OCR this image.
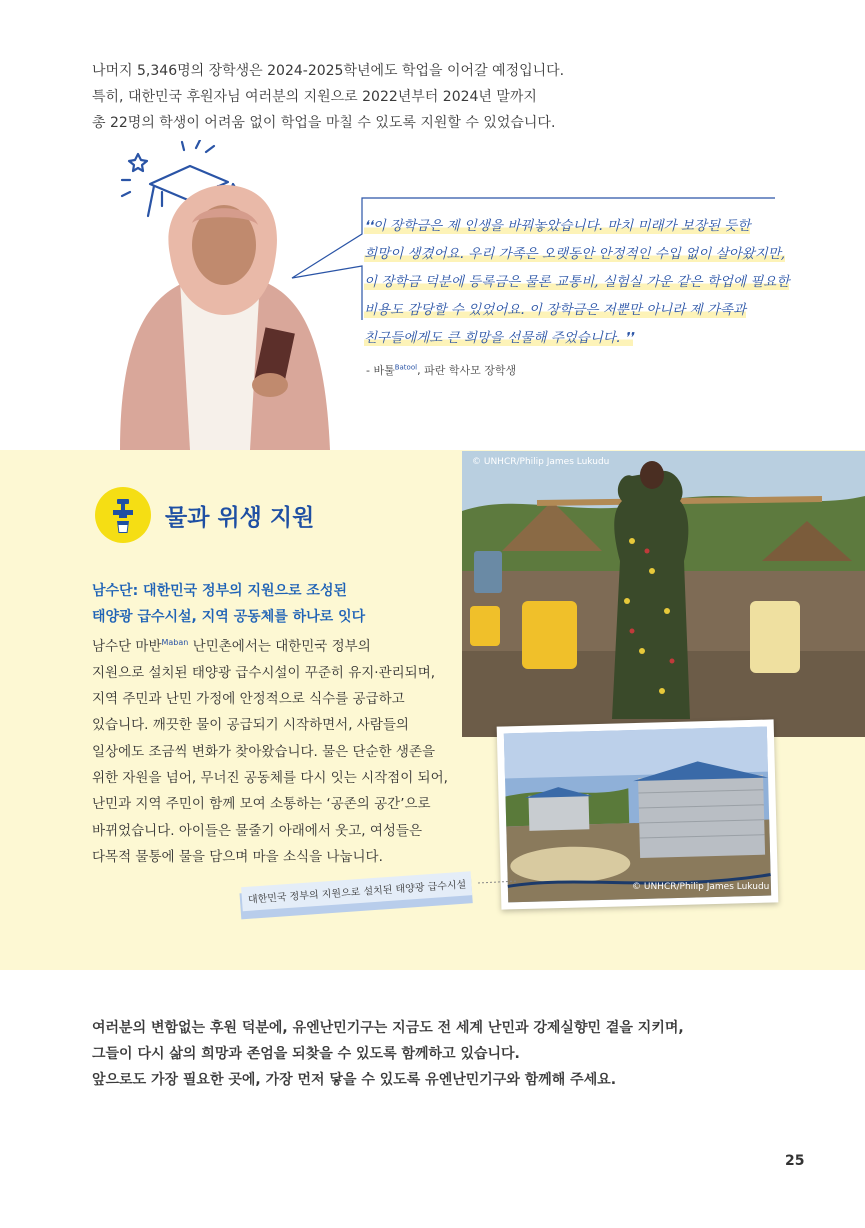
나머지 5,346명의 장학생은 2024-2025학년에도 학업을 이어갈 예정입니다.

특히, 대한민국 후원자님 여러분의 지원으로 2022년부터 2024년 말까지

총 22명의 학생이 어려움 없이 학업을 마칠 수 있도록 지원할 수 있었습니다.

❛❛이 장학금은 제 인생을 바꿔놓았습니다. 마치 미래가 보장된 듯한
희망이 생겼어요. 우리 가족은 오랫동안 안정적인 수입 없이 살아왔지만,
이 장학금 덕분에 등록금은 물론 교통비, 실험실 가운 같은 학업에 필요한
비용도 감당할 수 있었어요. 이 장학금은 저뿐만 아니라 제 가족과
친구들에게도 큰 희망을 선물해 주었습니다. ❜❜
- 바툴$^{Batool}$, 파란 학사모 장학생
물과 위생 지원
남수단: 대한민국 정부의 지원으로 조성된
태양광 급수시설, 지역 공동체를 하나로 잇다

남수단 마반$^{Maban}$ 난민촌에서는 대한민국 정부의

지원으로 설치된 태양광 급수시설이 꾸준히 유지·관리되며,

지역 주민과 난민 가정에 안정적으로 식수를 공급하고

있습니다. 깨끗한 물이 공급되기 시작하면서, 사람들의

일상에도 조금씩 변화가 찾아왔습니다. 물은 단순한 생존을

위한 자원을 넘어, 무너진 공동체를 다시 잇는 시작점이 되어,

난민과 지역 주민이 함께 모여 소통하는 ‘공존의 공간’으로

바뀌었습니다. 아이들은 물줄기 아래에서 웃고, 여성들은

다목적 물통에 물을 담으며 마을 소식을 나눕니다.

© UNHCR/Philip James Lukudu
© UNHCR/Philip James Lukudu
대한민국 정부의 지원으로 설치된 태양광 급수시설

여러분의 변함없는 후원 덕분에, 유엔난민기구는 지금도 전 세계 난민과 강제실향민 곁을 지키며,

그들이 다시 삶의 희망과 존엄을 되찾을 수 있도록 함께하고 있습니다.

앞으로도 가장 필요한 곳에, 가장 먼저 닿을 수 있도록 유엔난민기구와 함께해 주세요.

25
